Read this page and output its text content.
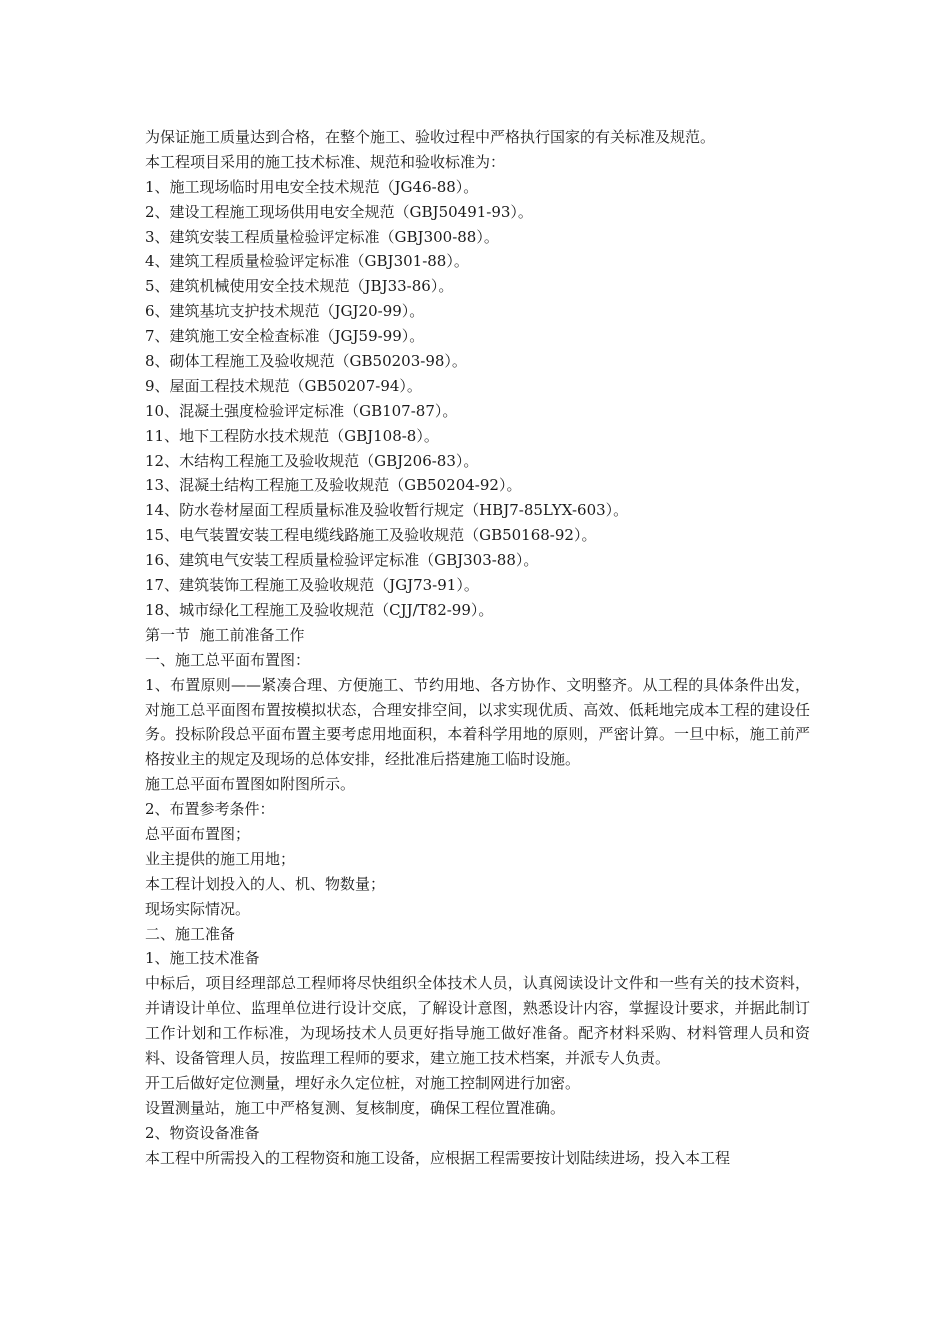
为保证施工质量达到合格，在整个施工、验收过程中严格执行国家的有关标准及规范。
本工程项目采用的施工技术标准、规范和验收标准为：
1、施工现场临时用电安全技术规范（JG46-88）。
2、建设工程施工现场供用电安全规范（GBJ50491-93）。
3、建筑安装工程质量检验评定标准（GBJ300-88）。
4、建筑工程质量检验评定标准（GBJ301-88）。
5、建筑机械使用安全技术规范（JBJ33-86）。
6、建筑基坑支护技术规范（JGJ20-99）。
7、建筑施工安全检查标准（JGJ59-99）。
8、砌体工程施工及验收规范（GB50203-98）。
9、屋面工程技术规范（GB50207-94）。
10、混凝土强度检验评定标准（GB107-87）。
11、地下工程防水技术规范（GBJ108-8）。
12、木结构工程施工及验收规范（GBJ206-83）。
13、混凝土结构工程施工及验收规范（GB50204-92）。
14、防水卷材屋面工程质量标准及验收暂行规定（HBJ7-85LYX-603）。
15、电气装置安装工程电缆线路施工及验收规范（GB50168-92）。
16、建筑电气安装工程质量检验评定标准（GBJ303-88）。
17、建筑装饰工程施工及验收规范（JGJ73-91）。
18、城市绿化工程施工及验收规范（CJJ/T82-99）。
第一节  施工前准备工作
一、施工总平面布置图：
1、布置原则——紧凑合理、方便施工、节约用地、各方协作、文明整齐。从工程的具体条件出发，对施工总平面图布置按模拟状态，合理安排空间，以求实现优质、高效、低耗地完成本工程的建设任务。投标阶段总平面布置主要考虑用地面积，本着科学用地的原则，严密计算。一旦中标，施工前严格按业主的规定及现场的总体安排，经批准后搭建施工临时设施。
施工总平面布置图如附图所示。
2、布置参考条件：
总平面布置图；
业主提供的施工用地；
本工程计划投入的人、机、物数量；
现场实际情况。
二、施工准备
1、施工技术准备
中标后，项目经理部总工程师将尽快组织全体技术人员，认真阅读设计文件和一些有关的技术资料，并请设计单位、监理单位进行设计交底，了解设计意图，熟悉设计内容，掌握设计要求，并据此制订工作计划和工作标准，为现场技术人员更好指导施工做好准备。配齐材料采购、材料管理人员和资料、设备管理人员，按监理工程师的要求，建立施工技术档案，并派专人负责。
开工后做好定位测量，埋好永久定位桩，对施工控制网进行加密。
设置测量站，施工中严格复测、复核制度，确保工程位置准确。
2、物资设备准备
本工程中所需投入的工程物资和施工设备，应根据工程需要按计划陆续进场，投入本工程
